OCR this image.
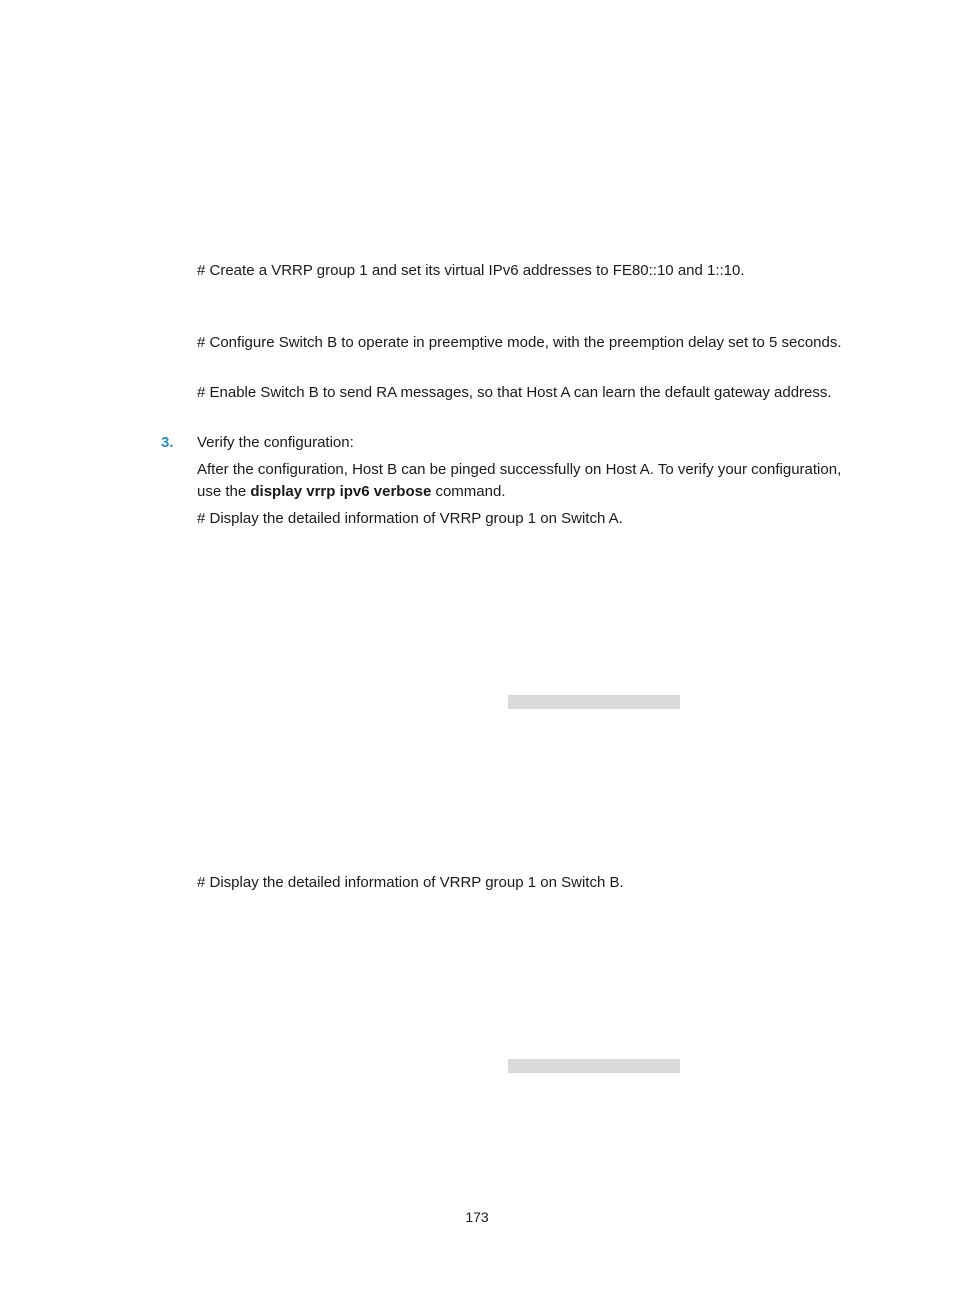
# Create a VRRP group 1 and set its virtual IPv6 addresses to FE80::10 and 1::10.
# Configure Switch B to operate in preemptive mode, with the preemption delay set to 5 seconds.
# Enable Switch B to send RA messages, so that Host A can learn the default gateway address.
3. Verify the configuration:
After the configuration, Host B can be pinged successfully on Host A. To verify your configuration,
use the display vrrp ipv6 verbose command.
# Display the detailed information of VRRP group 1 on Switch A.
# Display the detailed information of VRRP group 1 on Switch B.
173
